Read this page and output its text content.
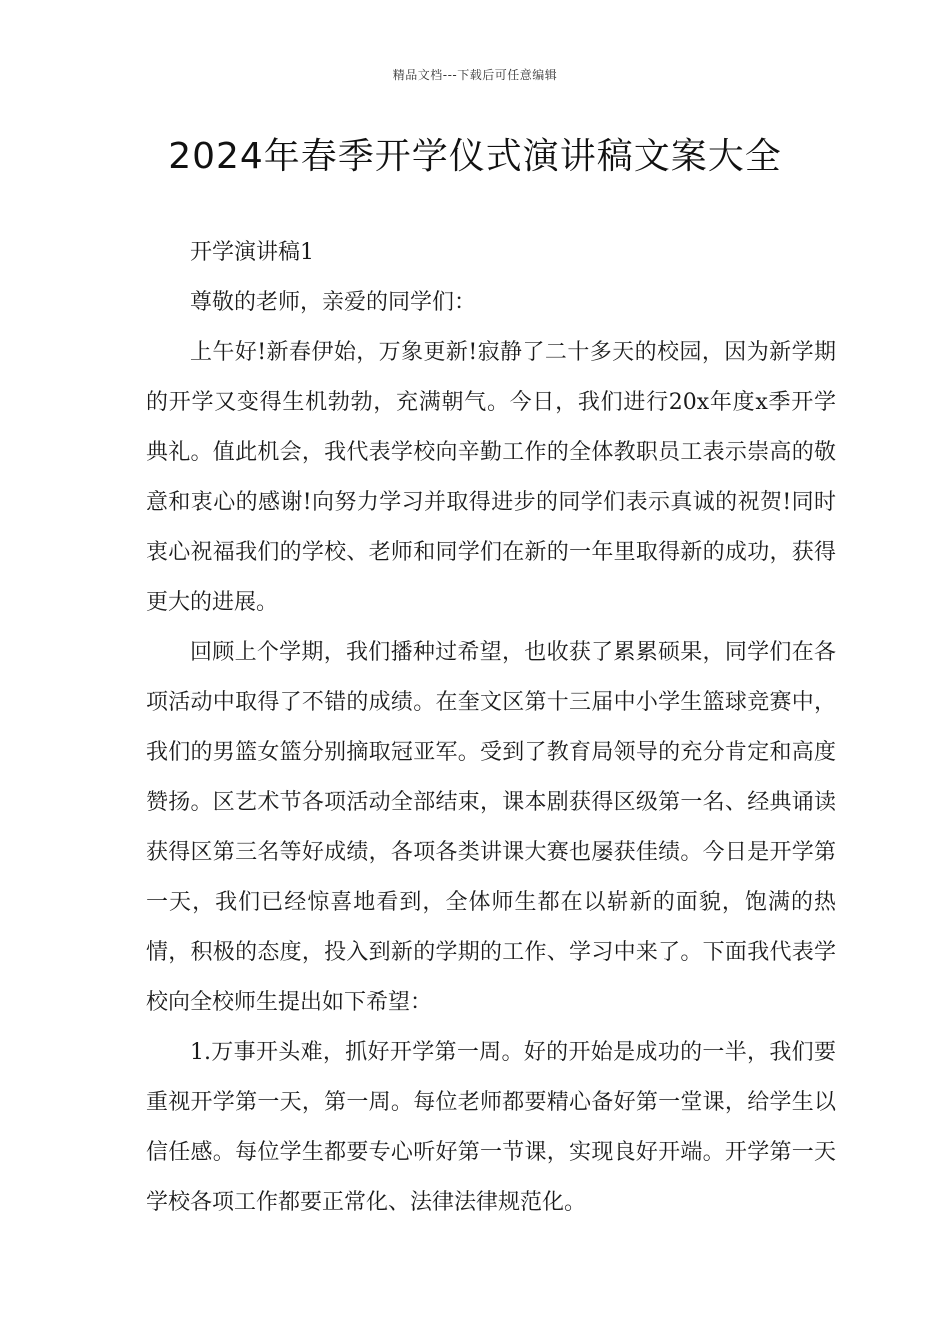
精品文档---下载后可任意编辑
2024年春季开学仪式演讲稿文案大全

开学演讲稿1

尊敬的老师，亲爱的同学们：

上午好!新春伊始，万象更新!寂静了二十多天的校园，因为新学期的开学又变得生机勃勃，充满朝气。今日，我们进行20x年度x季开学典礼。值此机会，我代表学校向辛勤工作的全体教职员工表示崇高的敬意和衷心的感谢!向努力学习并取得进步的同学们表示真诚的祝贺!同时衷心祝福我们的学校、老师和同学们在新的一年里取得新的成功，获得更大的进展。

回顾上个学期，我们播种过希望，也收获了累累硕果，同学们在各项活动中取得了不错的成绩。在奎文区第十三届中小学生篮球竞赛中，我们的男篮女篮分别摘取冠亚军。受到了教育局领导的充分肯定和高度赞扬。区艺术节各项活动全部结束，课本剧获得区级第一名、经典诵读获得区第三名等好成绩，各项各类讲课大赛也屡获佳绩。今日是开学第一天，我们已经惊喜地看到，全体师生都在以崭新的面貌，饱满的热情，积极的态度，投入到新的学期的工作、学习中来了。下面我代表学校向全校师生提出如下希望：

1.万事开头难，抓好开学第一周。好的开始是成功的一半，我们要重视开学第一天，第一周。每位老师都要精心备好第一堂课，给学生以信任感。每位学生都要专心听好第一节课，实现良好开端。开学第一天学校各项工作都要正常化、法律法律规范化。
